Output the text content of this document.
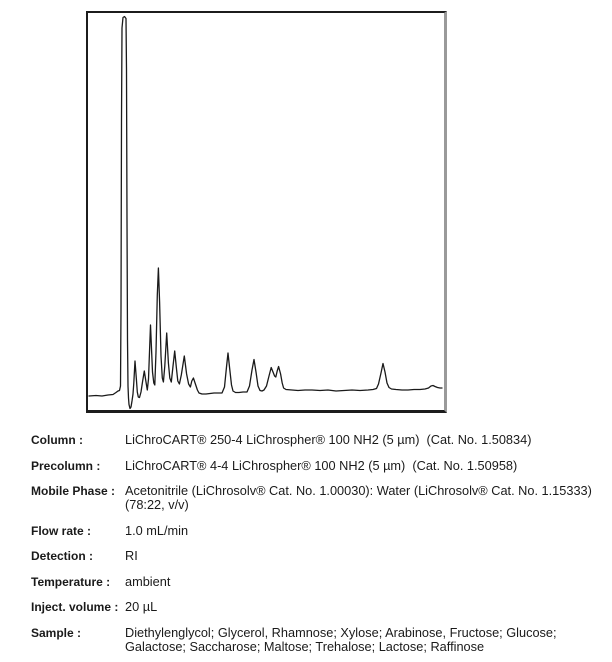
Column :	LiChroCART® 250-4 LiChrospher® 100 NH2 (5 µm)  (Cat. No. 1.50834)
Precolumn :	LiChroCART® 4-4 LiChrospher® 100 NH2 (5 µm)  (Cat. No. 1.50958)
Mobile Phase : Acetonitrile (LiChrosolv® Cat. No. 1.00030): Water (LiChrosolv® Cat. No. 1.15333)
(78:22, v/v)
Flow rate :	1.0 mL/min
Detection :	RI
Temperature :	ambient
Inject. volume : 20 µL
Sample :	Diethylenglycol; Glycerol, Rhamnose; Xylose; Arabinose, Fructose; Glucose;
Galactose; Saccharose; Maltose; Trehalose; Lactose; Raffinose
